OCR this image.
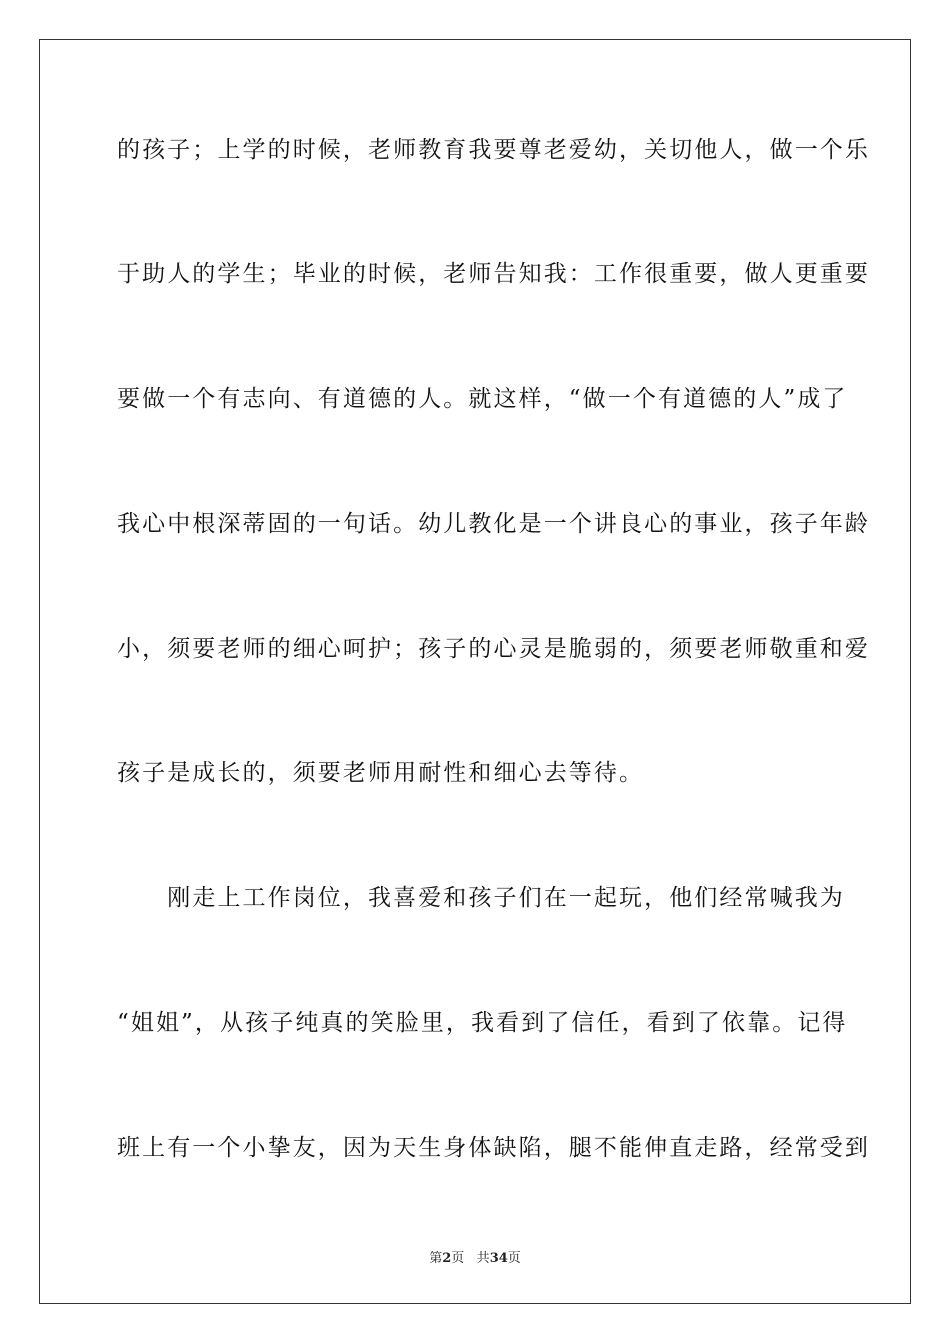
的孩子；上学的时候，老师教育我要尊老爱幼，关切他人，做一个乐
于助人的学生；毕业的时候，老师告知我：工作很重要，做人更重要
要做一个有志向、有道德的人。就这样，“做一个有道德的人”成了
我心中根深蒂固的一句话。幼儿教化是一个讲良心的事业，孩子年龄
小，须要老师的细心呵护；孩子的心灵是脆弱的，须要老师敬重和爱
孩子是成长的，须要老师用耐性和细心去等待。
　　刚走上工作岗位，我喜爱和孩子们在一起玩，他们经常喊我为
“姐姐”，从孩子纯真的笑脸里，我看到了信任，看到了依靠。记得
班上有一个小挚友，因为天生身体缺陷，腿不能伸直走路，经常受到
第2页 共34页
